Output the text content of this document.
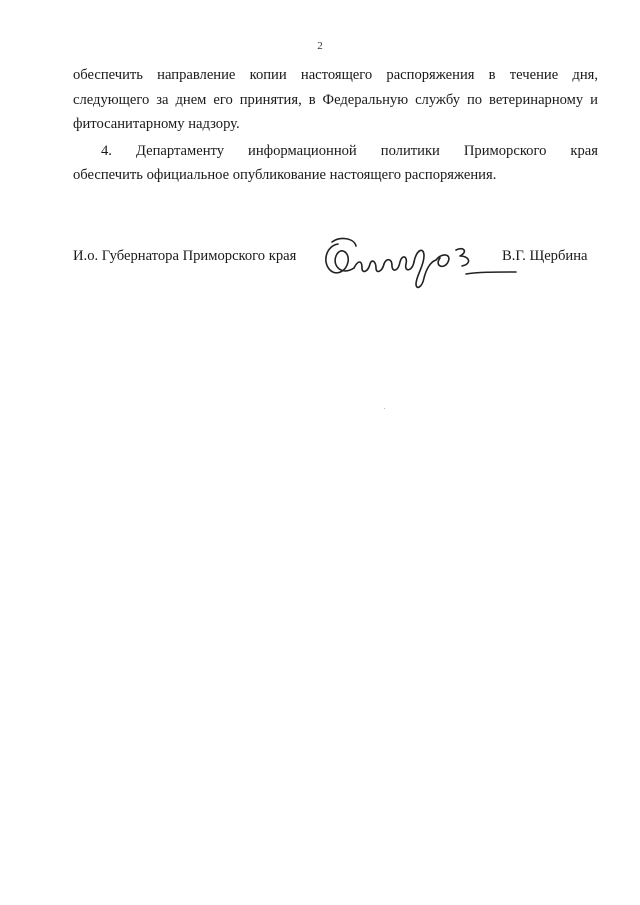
2
обеспечить направление копии настоящего распоряжения в течение дня,
следующего за днем его принятия, в Федеральную службу по ветеринарному и
фитосанитарному надзору.
4. Департаменту информационной политики Приморского края
обеспечить официальное опубликование настоящего распоряжения.
И.о. Губернатора Приморского края	В.Г. Щербина
